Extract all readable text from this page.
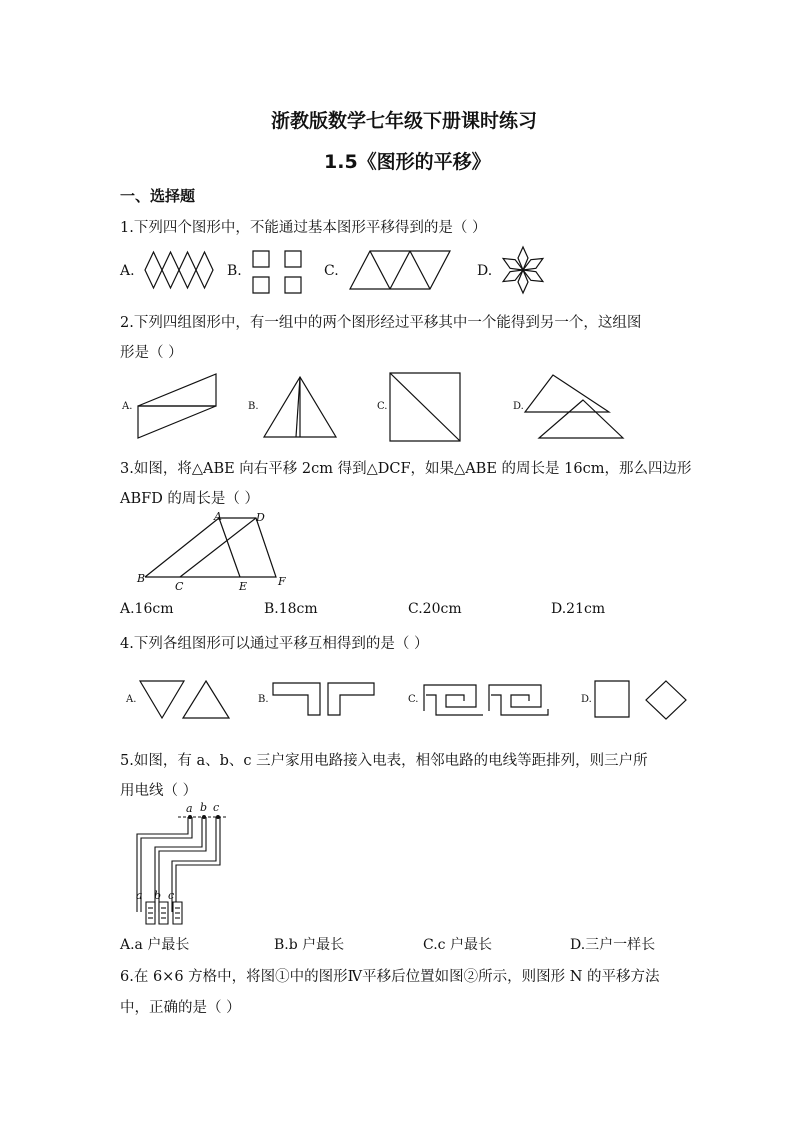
浙教版数学七年级下册课时练习
1.5《图形的平移》
一、选择题
1.下列四个图形中，不能通过基本图形平移得到的是（ ）
A.	B.	C.	D.
2.下列四组图形中，有一组中的两个图形经过平移其中一个能得到另一个，这组图
形是（ ）
A.	B.	C.	D.
3.如图，将△ABE 向右平移 2cm 得到△DCF，如果△ABE 的周长是 16cm，那么四边形
ABFD 的周长是（ ）
A	D
B
C	E	F
A.16cm	B.18cm	C.20cm	D.21cm
4.下列各组图形可以通过平移互相得到的是（ ）
A.	B.	C.	D.
5.如图，有 a、b、c 三户家用电路接入电表，相邻电路的电线等距排列，则三户所
用电线（ ）
a b c
a b c
A.a 户最长	B.b 户最长	C.c 户最长	D.三户一样长
6.在 6×6 方格中，将图①中的图形Ⅳ平移后位置如图②所示，则图形 N 的平移方法
中，正确的是（ ）
